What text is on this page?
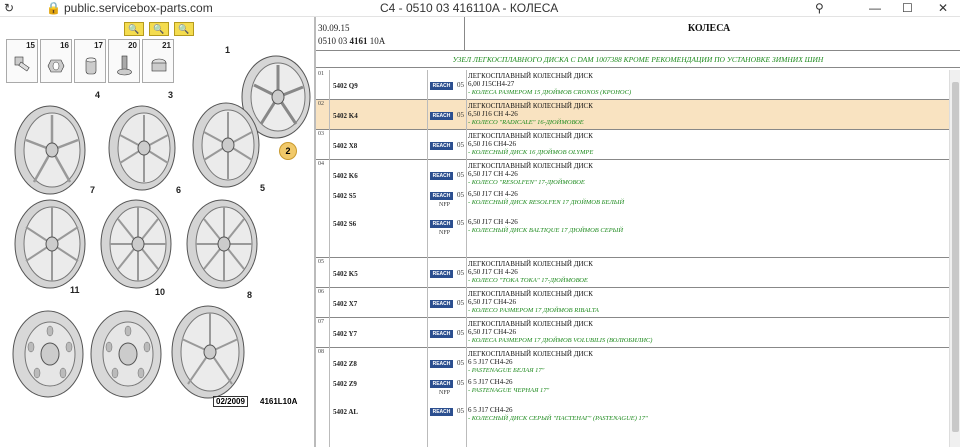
↻	🔒 public.servicebox-parts.com	C4 - 0510 03 416110A - КОЛЕСА	⚲	— ☐ ✕
🔍	🔍	🔍
15	16	17	20	21	1
2
3
4
5
6
7
8
10
11
02/2009	4161L10A
30.09.15
0510 03 4161 10A
КОЛЕСА
УЗЕЛ ЛЕГКОСПЛАВНОГО ДИСКА С DAM 1007388 КРОМЕ РЕКОМЕНДАЦИИ ПО УСТАНОВКЕ ЗИМНИХ ШИН
01
5402 Q9	REACH 05
ЛЕГКОСПЛАВНЫЙ КОЛЕСНЫЙ ДИСК
6,00 J15CH4-27
- КОЛЕСА РАЗМЕРОМ 15 ДЮЙМОВ CRONOS (КРОНОС)
02
5402 K4	REACH 05
ЛЕГКОСПЛАВНЫЙ КОЛЕСНЫЙ ДИСК
6,50 J16 CH 4-26
- КОЛЕСО "RADICALE" 16-ДЮЙМОВОЕ
03
5402 X8	REACH 05
ЛЕГКОСПЛАВНЫЙ КОЛЕСНЫЙ ДИСК
6,50 J16 CH4-26
- КОЛЕСНЫЙ ДИСК 16 ДЮЙМОВ OLYMPE
04
5402 K6	REACH 05
ЛЕГКОСПЛАВНЫЙ КОЛЕСНЫЙ ДИСК
6,50 J17 CH 4-26
- КОЛЕСО "RESOLFEN" 17-ДЮЙМОВОЕ
5402 S5	REACH 05
NFP
6,50 J17 CH 4-26
- КОЛЕСНЫЙ ДИСК RESOLFEN 17 ДЮЙМОВ БЕЛЫЙ
5402 S6	REACH 05
NFP
6,50 J17 CH 4-26
- КОЛЕСНЫЙ ДИСК BALTIQUE 17 ДЮЙМОВ СЕРЫЙ
05
5402 K5	REACH 05
ЛЕГКОСПЛАВНЫЙ КОЛЕСНЫЙ ДИСК
6,50 J17 CH 4-26
- КОЛЕСО "ТОКА ТОКА" 17-ДЮЙМОВОЕ
06
5402 X7	REACH 05
ЛЕГКОСПЛАВНЫЙ КОЛЕСНЫЙ ДИСК
6,50 J17 CH4-26
- КОЛЕСО РАЗМЕРОМ 17 ДЮЙМОВ RIBALTA
07
5402 Y7	REACH 05
ЛЕГКОСПЛАВНЫЙ КОЛЕСНЫЙ ДИСК
6,50 J17 CH4-26
- КОЛЕСА РАЗМЕРОМ 17 ДЮЙМОВ VOLUBILIS (ВОЛЮБИЛИС)
08
5402 Z8	REACH 05
ЛЕГКОСПЛАВНЫЙ КОЛЕСНЫЙ ДИСК
6 5 J17 CH4-26
- PASTENAGUE БЕЛАЯ 17"
5402 Z9	REACH 05
NFP
6 5 J17 CH4-26
- PASTENAGUE ЧЕРНАЯ 17"
5402 AL	REACH 05 6 5 J17 CH4-26
- КОЛЕСНЫЙ ДИСК СЕРЫЙ "ПАСТЕНАГ" (PASTENAGUE) 17"
